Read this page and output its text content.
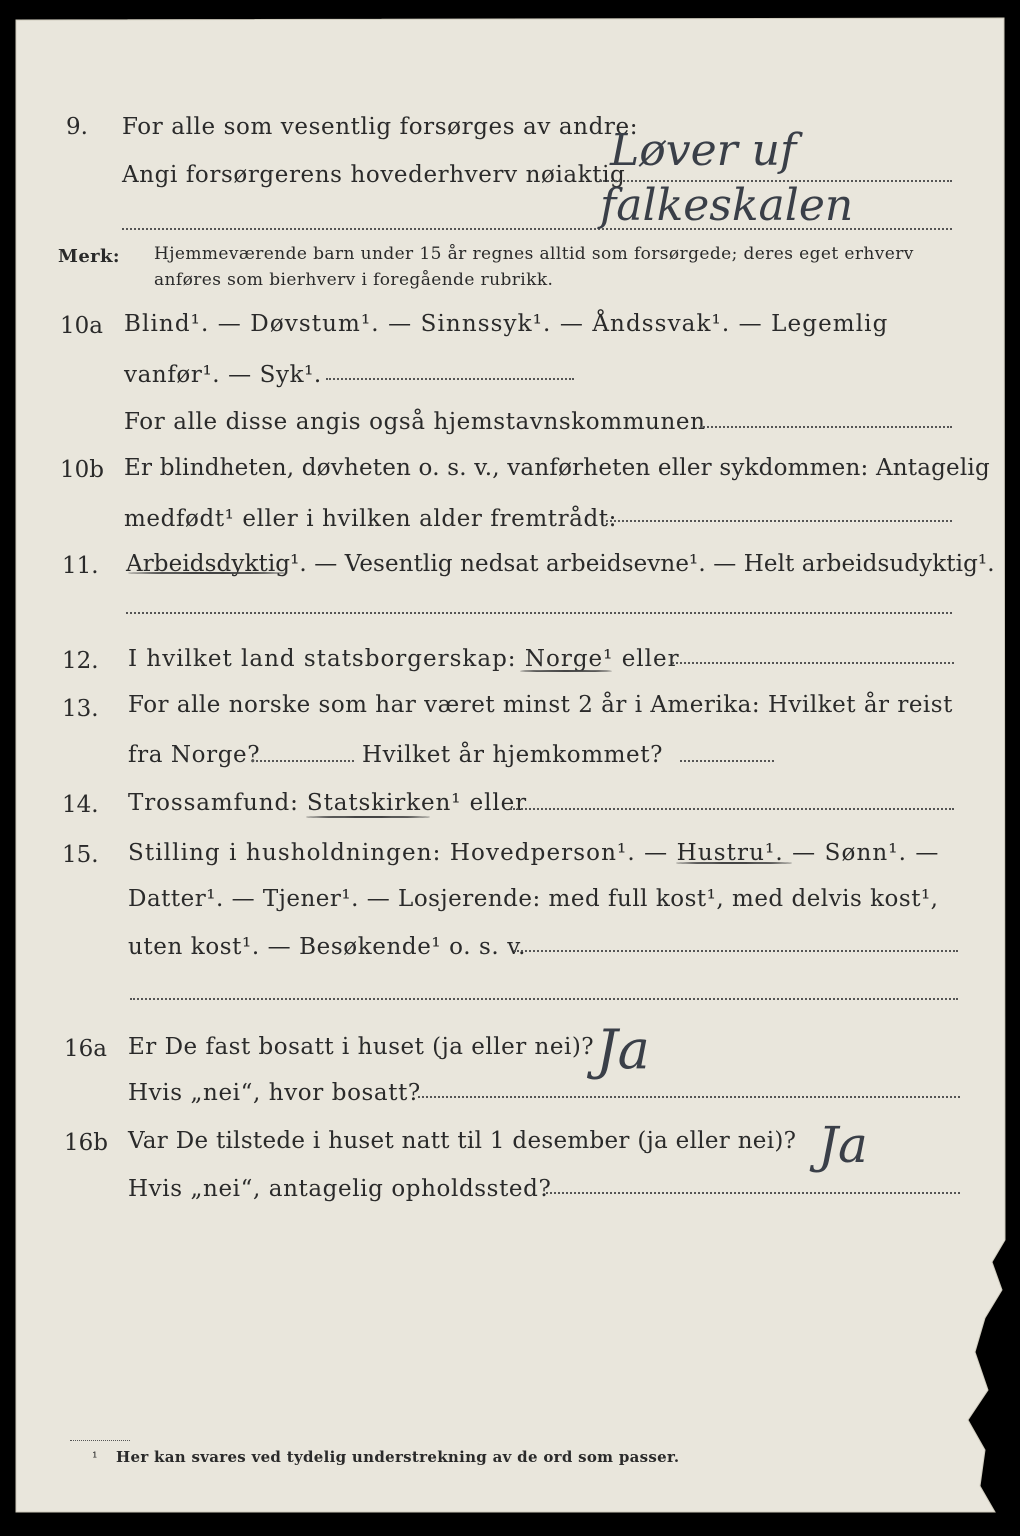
9. For alle som vesentlig forsørges av andre:
Angi forsørgerens hovederhverv nøiaktig
Løver uf
falkeskalen
Merk: Hjemmeværende barn under 15 år regnes alltid som forsørgede; deres eget erhverv
anføres som bierhverv i foregående rubrikk.
10a Blind¹. — Døvstum¹. — Sinnssyk¹. — Åndssvak¹. — Legemlig
vanfør¹. — Syk¹.
For alle disse angis også hjemstavnskommunen
10b Er blindheten, døvheten o. s. v., vanførheten eller sykdommen: Antagelig
medfødt¹ eller i hvilken alder fremtrådt:
11. Arbeidsdyktig¹. — Vesentlig nedsat arbeidsevne¹. — Helt arbeidsudyktig¹.
12. I hvilket land statsborgerskap: Norge¹ eller
13. For alle norske som har været minst 2 år i Amerika: Hvilket år reist
fra Norge?	Hvilket år hjemkommet?
14. Trossamfund: Statskirken¹ eller
15. Stilling i husholdningen: Hovedperson¹. — Hustru¹. — Sønn¹. —
Datter¹. — Tjener¹. — Losjerende: med full kost¹, med delvis kost¹,
uten kost¹. — Besøkende¹ o. s. v.
16a Er De fast bosatt i huset (ja eller nei)? Ja
Hvis „nei“, hvor bosatt?
16b Var De tilstede i huset natt til 1 desember (ja eller nei)? Ja
Hvis „nei“, antagelig opholdssted?
¹ Her kan svares ved tydelig understrekning av de ord som passer.
